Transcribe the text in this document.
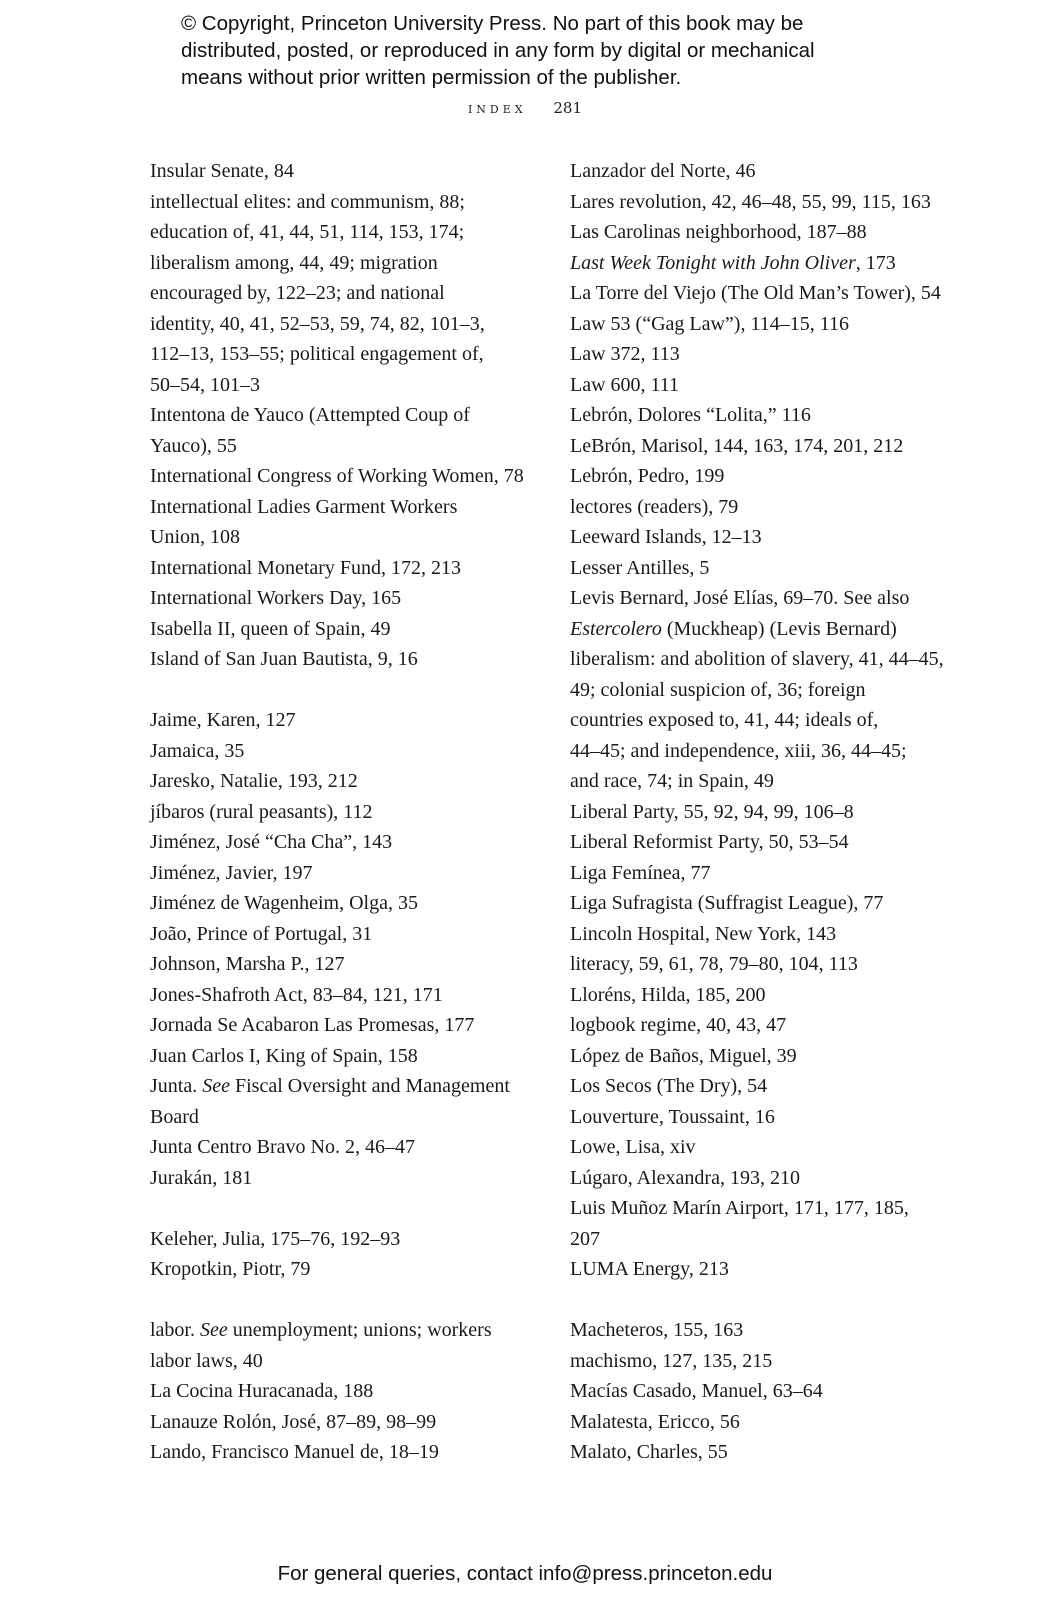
© Copyright, Princeton University Press. No part of this book may be
distributed, posted, or reproduced in any form by digital or mechanical
means without prior written permission of the publisher.
index 281
Insular Senate, 84
intellectual elites: and communism, 88;
education of, 41, 44, 51, 114, 153, 174;
liberalism among, 44, 49; migration
encouraged by, 122–23; and national
identity, 40, 41, 52–53, 59, 74, 82, 101–3,
112–13, 153–55; political engagement of,
50–54, 101–3
Intentona de Yauco (Attempted Coup of
Yauco), 55
International Congress of Working Women, 78
International Ladies Garment Workers
Union, 108
International Monetary Fund, 172, 213
International Workers Day, 165
Isabella II, queen of Spain, 49
Island of San Juan Bautista, 9, 16
Jaime, Karen, 127
Jamaica, 35
Jaresko, Natalie, 193, 212
jíbaros (rural peasants), 112
Jiménez, José “Cha Cha”, 143
Jiménez, Javier, 197
Jiménez de Wagenheim, Olga, 35
João, Prince of Portugal, 31
Johnson, Marsha P., 127
Jones-Shafroth Act, 83–84, 121, 171
Jornada Se Acabaron Las Promesas, 177
Juan Carlos I, King of Spain, 158
Junta. See Fiscal Oversight and Management
Board
Junta Centro Bravo No. 2, 46–47
Jurakán, 181
Keleher, Julia, 175–76, 192–93
Kropotkin, Piotr, 79
labor. See unemployment; unions; workers
labor laws, 40
La Cocina Huracanada, 188
Lanauze Rolón, José, 87–89, 98–99
Lando, Francisco Manuel de, 18–19
Lanzador del Norte, 46
Lares revolution, 42, 46–48, 55, 99, 115, 163
Las Carolinas neighborhood, 187–88
Last Week Tonight with John Oliver, 173
La Torre del Viejo (The Old Man’s Tower), 54
Law 53 (“Gag Law”), 114–15, 116
Law 372, 113
Law 600, 111
Lebrón, Dolores “Lolita,” 116
LeBrón, Marisol, 144, 163, 174, 201, 212
Lebrón, Pedro, 199
lectores (readers), 79
Leeward Islands, 12–13
Lesser Antilles, 5
Levis Bernard, José Elías, 69–70. See also
Estercolero (Muckheap) (Levis Bernard)
liberalism: and abolition of slavery, 41, 44–45,
49; colonial suspicion of, 36; foreign
countries exposed to, 41, 44; ideals of,
44–45; and independence, xiii, 36, 44–45;
and race, 74; in Spain, 49
Liberal Party, 55, 92, 94, 99, 106–8
Liberal Reformist Party, 50, 53–54
Liga Femínea, 77
Liga Sufragista (Suffragist League), 77
Lincoln Hospital, New York, 143
literacy, 59, 61, 78, 79–80, 104, 113
Lloréns, Hilda, 185, 200
logbook regime, 40, 43, 47
López de Baños, Miguel, 39
Los Secos (The Dry), 54
Louverture, Toussaint, 16
Lowe, Lisa, xiv
Lúgaro, Alexandra, 193, 210
Luis Muñoz Marín Airport, 171, 177, 185,
207
LUMA Energy, 213
Macheteros, 155, 163
machismo, 127, 135, 215
Macías Casado, Manuel, 63–64
Malatesta, Ericco, 56
Malato, Charles, 55
For general queries, contact info@press.princeton.edu
